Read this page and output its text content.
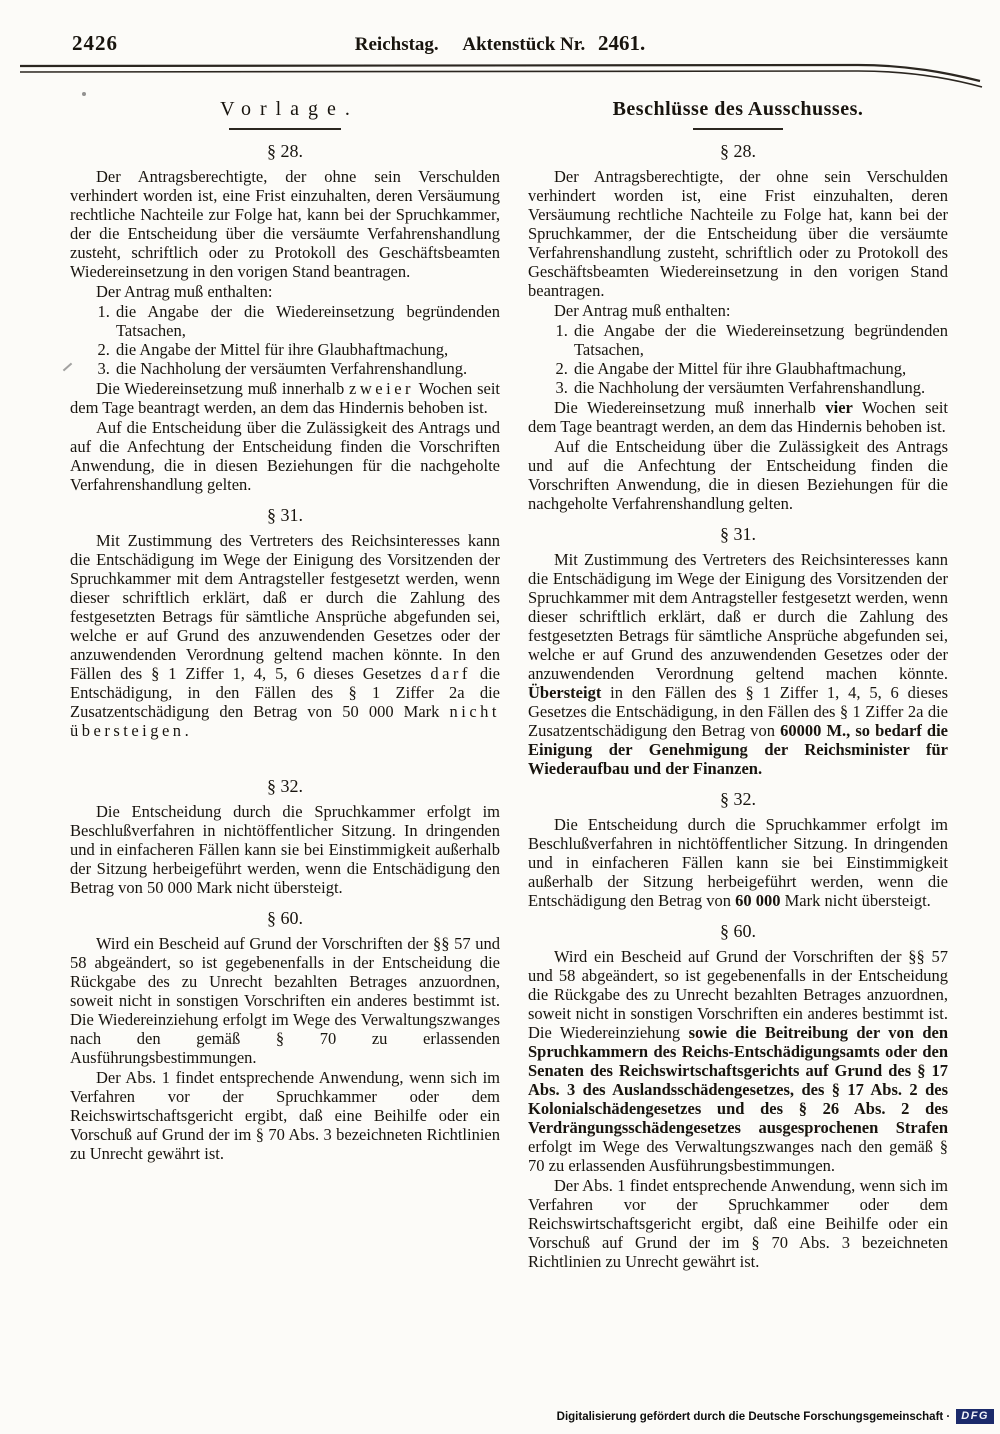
2426	Reichstag. Aktenstück Nr. 2461.
Vorlage.
§ 28.

Der Antragsberechtigte, der ohne sein Verschulden verhindert worden ist, eine Frist einzuhalten, deren Versäumung rechtliche Nachteile zur Folge hat, kann bei der Spruchkammer, der die Entscheidung über die versäumte Verfahrenshandlung zusteht, schriftlich oder zu Protokoll des Geschäftsbeamten Wiedereinsetzung in den vorigen Stand beantragen.

Der Antrag muß enthalten:

1. die Angabe der die Wiedereinsetzung begründenden Tatsachen,
2. die Angabe der Mittel für ihre Glaubhaftmachung,
3. die Nachholung der versäumten Verfahrenshandlung.

Die Wiedereinsetzung muß innerhalb zweier Wochen seit dem Tage beantragt werden, an dem das Hindernis behoben ist.

Auf die Entscheidung über die Zulässigkeit des Antrags und auf die Anfechtung der Entscheidung finden die Vorschriften Anwendung, die in diesen Beziehungen für die nachgeholte Verfahrenshandlung gelten.

§ 31.

Mit Zustimmung des Vertreters des Reichsinteresses kann die Entschädigung im Wege der Einigung des Vorsitzenden der Spruchkammer mit dem Antragsteller festgesetzt werden, wenn dieser schriftlich erklärt, daß er durch die Zahlung des festgesetzten Betrags für sämtliche Ansprüche abgefunden sei, welche er auf Grund des anzuwendenden Gesetzes oder der anzuwendenden Verordnung geltend machen könnte. In den Fällen des § 1 Ziffer 1, 4, 5, 6 dieses Gesetzes darf die Entschädigung, in den Fällen des § 1 Ziffer 2a die Zusatzentschädigung den Betrag von 50 000 Mark nicht übersteigen.

§ 32.

Die Entscheidung durch die Spruchkammer erfolgt im Beschlußverfahren in nichtöffentlicher Sitzung. In dringenden und in einfacheren Fällen kann sie bei Einstimmigkeit außerhalb der Sitzung herbeigeführt werden, wenn die Entschädigung den Betrag von 50 000 Mark nicht übersteigt.

§ 60.

Wird ein Bescheid auf Grund der Vorschriften der §§ 57 und 58 abgeändert, so ist gegebenenfalls in der Entscheidung die Rückgabe des zu Unrecht bezahlten Betrages anzuordnen, soweit nicht in sonstigen Vorschriften ein anderes bestimmt ist. Die Wiedereinziehung erfolgt im Wege des Verwaltungszwanges nach den gemäß § 70 zu erlassenden Ausführungsbestimmungen.

Der Abs. 1 findet entsprechende Anwendung, wenn sich im Verfahren vor der Spruchkammer oder dem Reichswirtschaftsgericht ergibt, daß eine Beihilfe oder ein Vorschuß auf Grund der im § 70 Abs. 3 bezeichneten Richtlinien zu Unrecht gewährt ist.

Beschlüsse des Ausschusses.
§ 28.

Der Antragsberechtigte, der ohne sein Verschulden verhindert worden ist, eine Frist einzuhalten, deren Versäumung rechtliche Nachteile zu Folge hat, kann bei der Spruchkammer, der die Entscheidung über die versäumte Verfahrenshandlung zusteht, schriftlich oder zu Protokoll des Geschäftsbeamten Wiedereinsetzung in den vorigen Stand beantragen.

Der Antrag muß enthalten:

1. die Angabe der die Wiedereinsetzung begründenden Tatsachen,
2. die Angabe der Mittel für ihre Glaubhaftmachung,
3. die Nachholung der versäumten Verfahrenshandlung.

Die Wiedereinsetzung muß innerhalb vier Wochen seit dem Tage beantragt werden, an dem das Hindernis behoben ist.

Auf die Entscheidung über die Zulässigkeit des Antrags und auf die Anfechtung der Entscheidung finden die Vorschriften Anwendung, die in diesen Beziehungen für die nachgeholte Verfahrenshandlung gelten.

§ 31.

Mit Zustimmung des Vertreters des Reichsinteresses kann die Entschädigung im Wege der Einigung des Vorsitzenden der Spruchkammer mit dem Antragsteller festgesetzt werden, wenn dieser schriftlich erklärt, daß er durch die Zahlung des festgesetzten Betrags für sämtliche Ansprüche abgefunden sei, welche er auf Grund des anzuwendenden Gesetzes oder der anzuwendenden Verordnung geltend machen könnte. Übersteigt in den Fällen des § 1 Ziffer 1, 4, 5, 6 dieses Gesetzes die Entschädigung, in den Fällen des § 1 Ziffer 2a die Zusatzentschädigung den Betrag von 60000 M., so bedarf die Einigung der Genehmigung der Reichsminister für Wiederaufbau und der Finanzen.

§ 32.

Die Entscheidung durch die Spruchkammer erfolgt im Beschlußverfahren in nichtöffentlicher Sitzung. In dringenden und in einfacheren Fällen kann sie bei Einstimmigkeit außerhalb der Sitzung herbeigeführt werden, wenn die Entschädigung den Betrag von 60 000 Mark nicht übersteigt.

§ 60.

Wird ein Bescheid auf Grund der Vorschriften der §§ 57 und 58 abgeändert, so ist gegebenenfalls in der Entscheidung die Rückgabe des zu Unrecht bezahlten Betrages anzuordnen, soweit nicht in sonstigen Vorschriften ein anderes bestimmt ist. Die Wiedereinziehung sowie die Beitreibung der von den Spruchkammern des Reichs-Entschädigungsamts oder den Senaten des Reichswirtschaftsgerichts auf Grund des § 17 Abs. 3 des Auslandsschädengesetzes, des § 17 Abs. 2 des Kolonialschädengesetzes und des § 26 Abs. 2 des Verdrängungsschädengesetzes ausgesprochenen Strafen erfolgt im Wege des Verwaltungszwanges nach den gemäß § 70 zu erlassenden Ausführungsbestimmungen.

Der Abs. 1 findet entsprechende Anwendung, wenn sich im Verfahren vor der Spruchkammer oder dem Reichswirtschaftsgericht ergibt, daß eine Beihilfe oder ein Vorschuß auf Grund der im § 70 Abs. 3 bezeichneten Richtlinien zu Unrecht gewährt ist.

Digitalisierung gefördert durch die Deutsche Forschungsgemeinschaft ·	DFG
